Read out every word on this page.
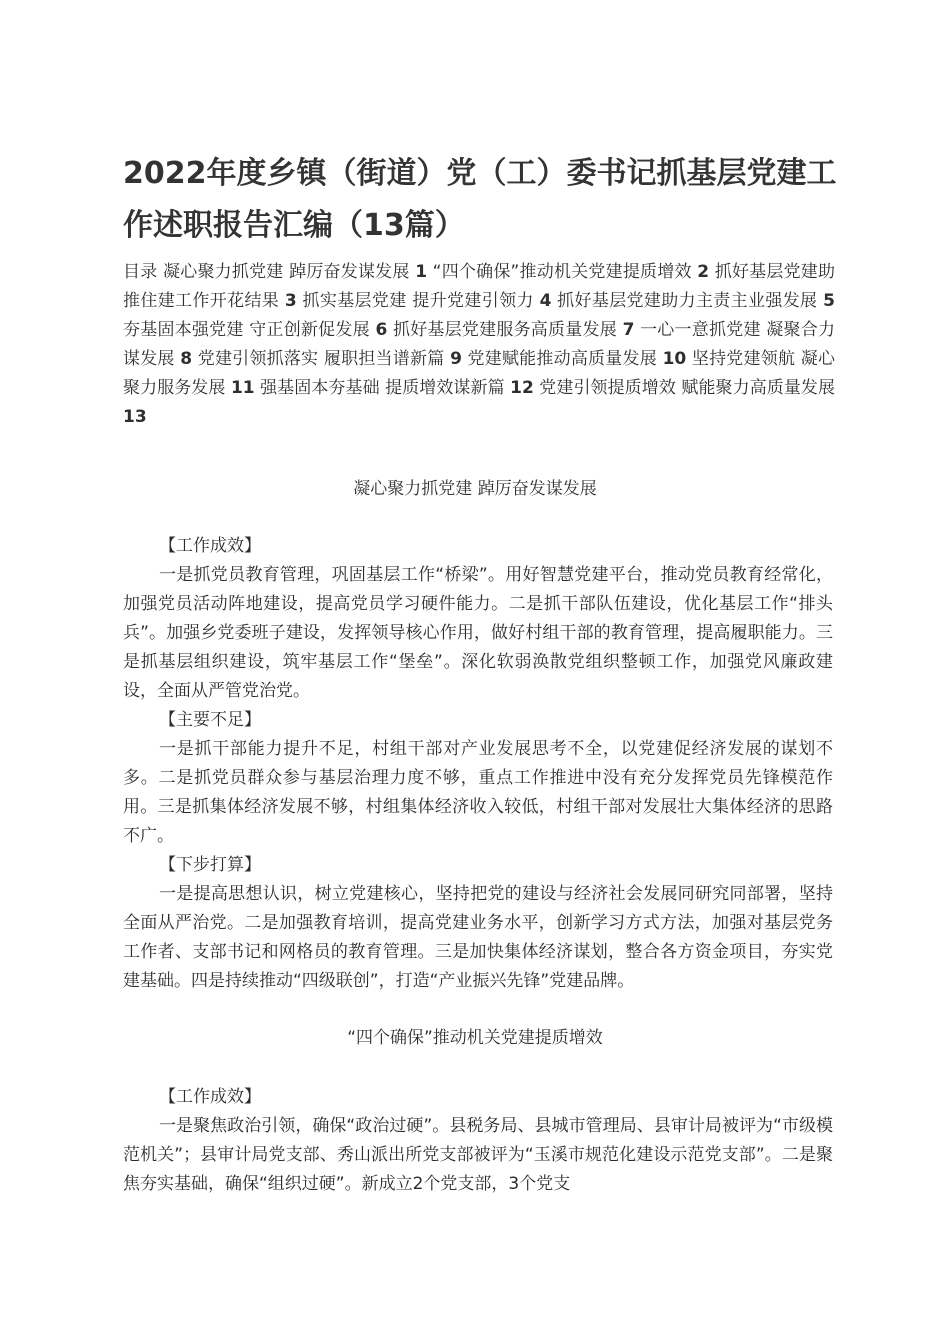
2022年度乡镇（街道）党（工）委书记抓基层党建工作述职报告汇编（13篇）

目录 凝心聚力抓党建 踔厉奋发谋发展 1 “四个确保”推动机关党建提质增效 2 抓好基层党建助推住建工作开花结果 3 抓实基层党建 提升党建引领力 4 抓好基层党建助力主责主业强发展 5 夯基固本强党建 守正创新促发展 6 抓好基层党建服务高质量发展 7 一心一意抓党建 凝聚合力谋发展 8 党建引领抓落实 履职担当谱新篇 9 党建赋能推动高质量发展 10 坚持党建领航 凝心聚力服务发展 11 强基固本夯基础 提质增效谋新篇 12 党建引领提质增效 赋能聚力高质量发展 13

凝心聚力抓党建 踔厉奋发谋发展

【工作成效】

一是抓党员教育管理，巩固基层工作“桥梁”。用好智慧党建平台，推动党员教育经常化，加强党员活动阵地建设，提高党员学习硬件能力。二是抓干部队伍建设，优化基层工作“排头兵”。加强乡党委班子建设，发挥领导核心作用，做好村组干部的教育管理，提高履职能力。三是抓基层组织建设，筑牢基层工作“堡垒”。深化软弱涣散党组织整顿工作，加强党风廉政建设，全面从严管党治党。

【主要不足】

一是抓干部能力提升不足，村组干部对产业发展思考不全，以党建促经济发展的谋划不多。二是抓党员群众参与基层治理力度不够，重点工作推进中没有充分发挥党员先锋模范作用。三是抓集体经济发展不够，村组集体经济收入较低，村组干部对发展壮大集体经济的思路不广。

【下步打算】

一是提高思想认识，树立党建核心，坚持把党的建设与经济社会发展同研究同部署，坚持全面从严治党。二是加强教育培训，提高党建业务水平，创新学习方式方法，加强对基层党务工作者、支部书记和网格员的教育管理。三是加快集体经济谋划，整合各方资金项目，夯实党建基础。四是持续推动“四级联创”，打造“产业振兴先锋”党建品牌。

“四个确保”推动机关党建提质增效

【工作成效】

一是聚焦政治引领，确保“政治过硬”。县税务局、县城市管理局、县审计局被评为“市级模范机关”；县审计局党支部、秀山派出所党支部被评为“玉溪市规范化建设示范党支部”。二是聚焦夯实基础，确保“组织过硬”。新成立2个党支部，3个党支
